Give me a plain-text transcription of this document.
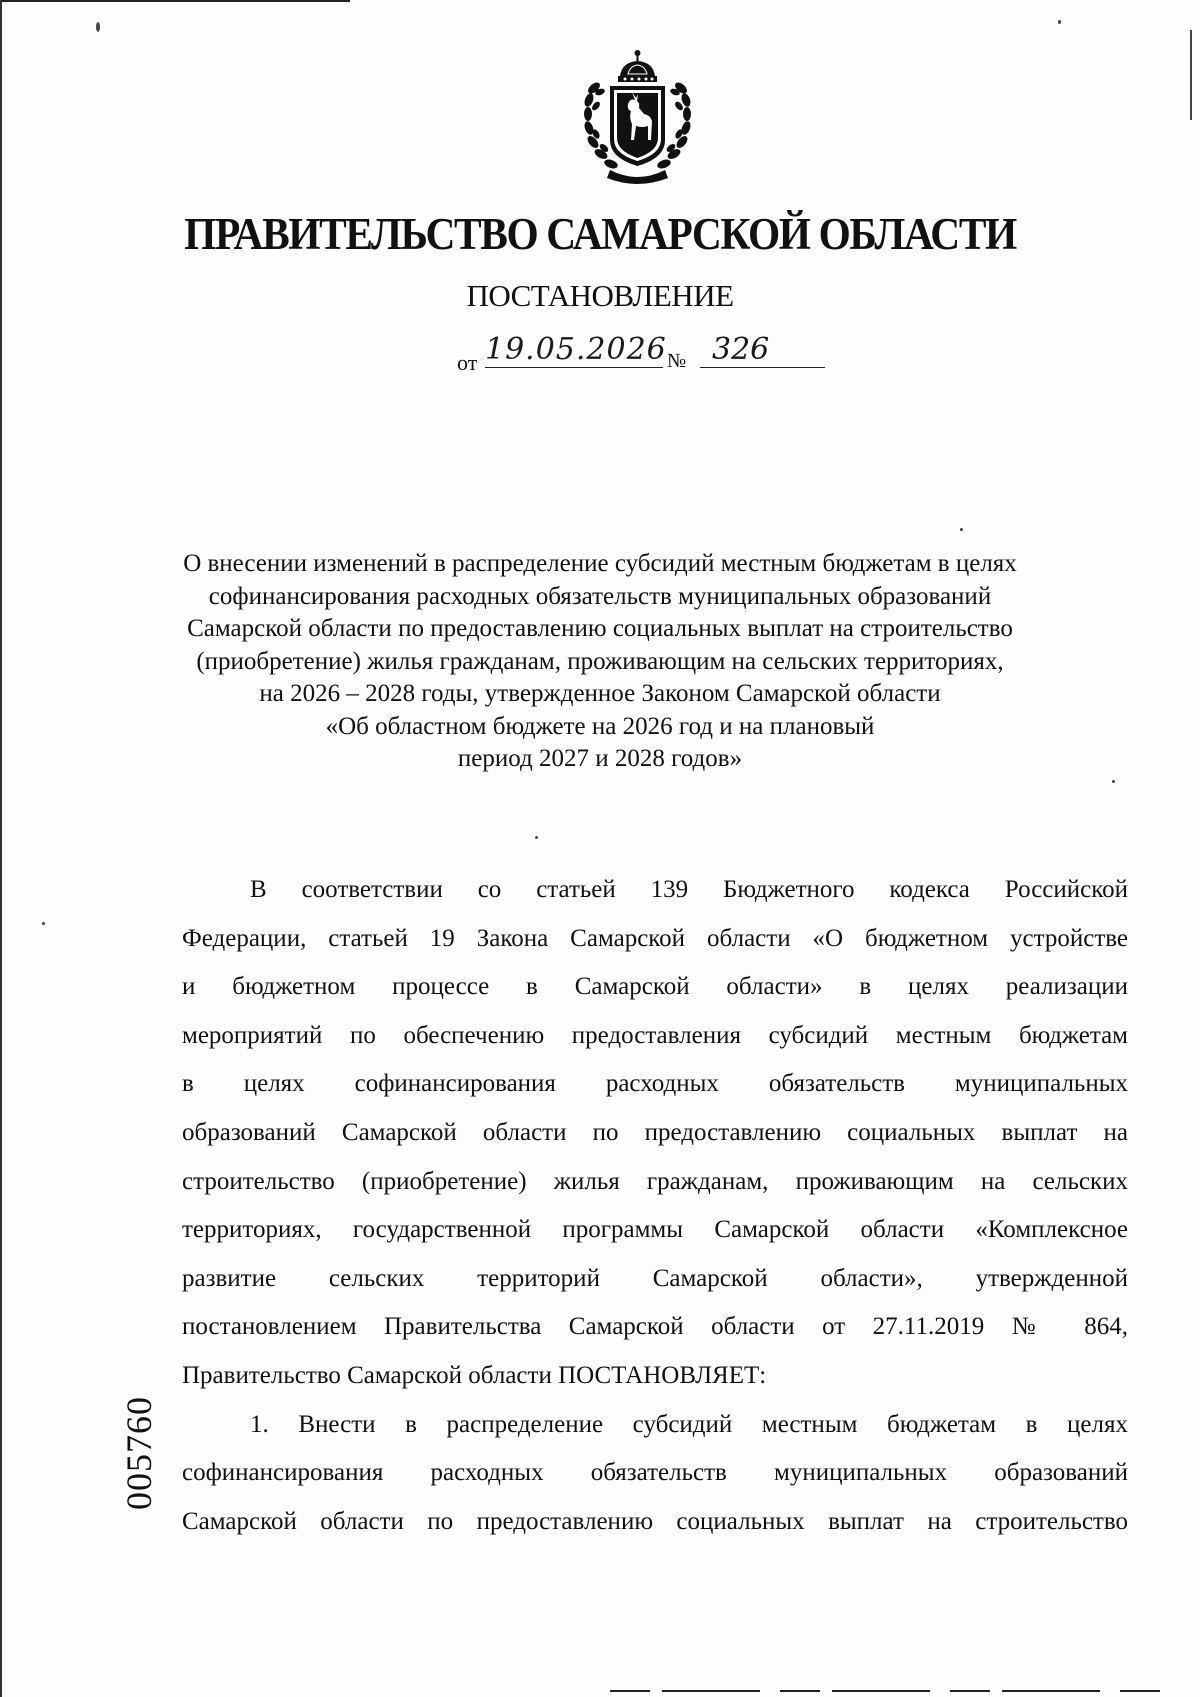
ПРАВИТЕЛЬСТВО САМАРСКОЙ ОБЛАСТИ
ПОСТАНОВЛЕНИЕ
от 19.05.2026 № 326
О внесении изменений в распределение субсидий местным бюджетам в целях
софинансирования расходных обязательств муниципальных образований
Самарской области по предоставлению социальных выплат на строительство
(приобретение) жилья гражданам, проживающим на сельских территориях,
на 2026 – 2028 годы, утвержденное Законом Самарской области
«Об областном бюджете на 2026 год и на плановый
период 2027 и 2028 годов»
В соответствии со статьей 139 Бюджетного кодекса Российской
Федерации, статьей 19 Закона Самарской области «О бюджетном устройстве
и бюджетном процессе в Самарской области» в целях реализации
мероприятий по обеспечению предоставления субсидий местным бюджетам
в целях софинансирования расходных обязательств муниципальных
образований Самарской области по предоставлению социальных выплат на
строительство (приобретение) жилья гражданам, проживающим на сельских
территориях, государственной программы Самарской области «Комплексное
развитие сельских территорий Самарской области», утвержденной
постановлением Правительства Самарской области от 27.11.2019 № 864,
Правительство Самарской области ПОСТАНОВЛЯЕТ:
1. Внести в распределение субсидий местным бюджетам в целях
софинансирования расходных обязательств муниципальных образований
Самарской области по предоставлению социальных выплат на строительство
005760
